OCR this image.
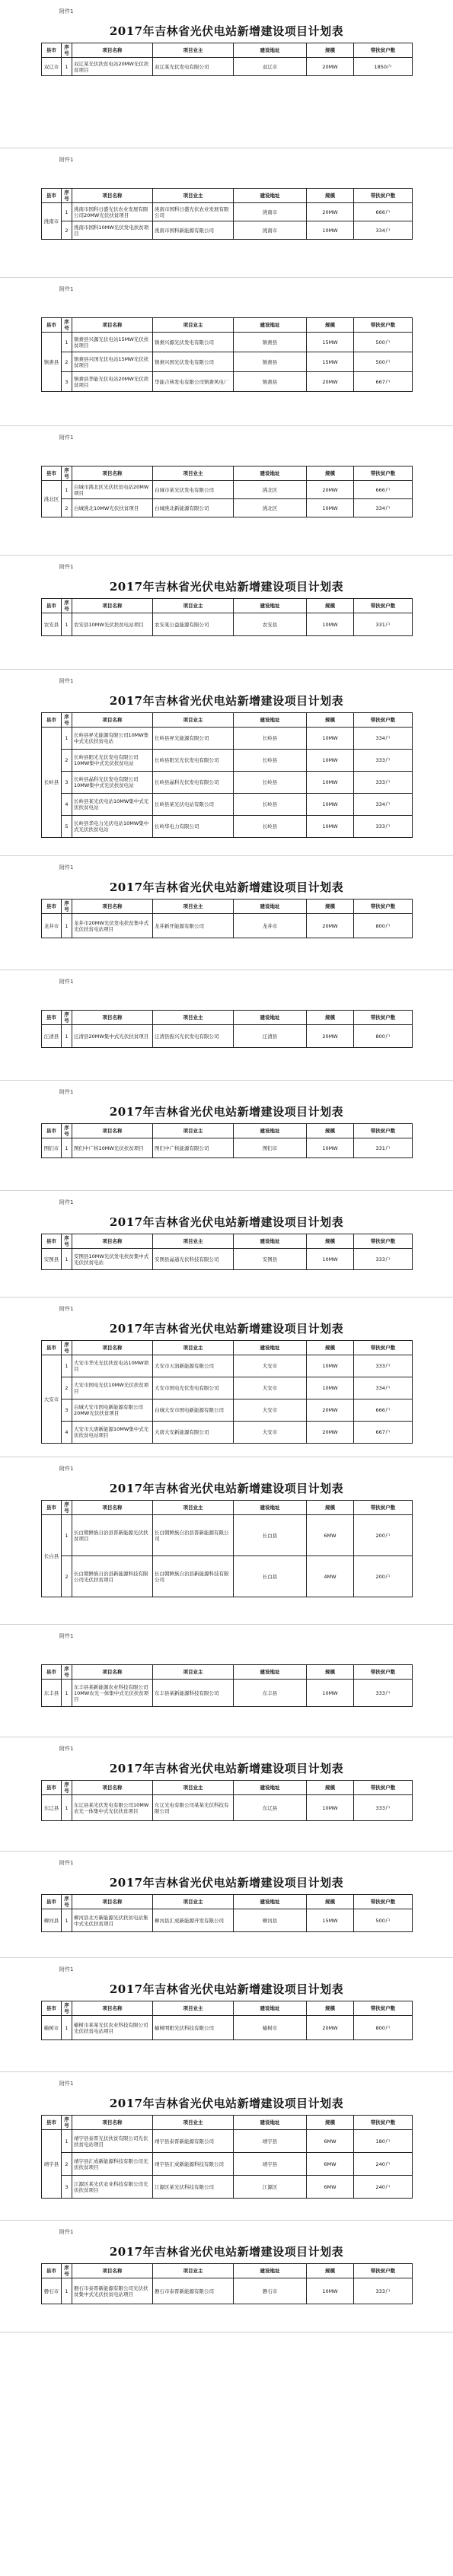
附件1
2017年吉林省光伏电站新增建设项目计划表
县市	序号	项目名称	项目业主	建设地址	规模	带扶贫户数
双辽市	1	双辽某光伏扶贫电站20MW光伏扶贫项目	双辽某光伏发电有限公司	双辽市	20MW	1850户
附件1
县市	序号	项目名称	项目业主	建设地址	规模	带扶贫户数
洮南市	1	洮南市国科日盛光伏农业发展有限公司20MW光伏扶贫项目	洮南市国科日盛光伏农业发展有限公司	洮南市	20MW	666户
	2	洮南市国科10MW光伏发电扶贫项目	洮南市国科新能源有限公司	洮南市	10MW	334户
附件1
县市	序号	项目名称	项目业主	建设地址	规模	带扶贫户数
镇赉县	1	镇赉县兴源光伏电站15MW光伏扶贫项目	镇赉兴源光伏发电有限公司	镇赉县	15MW	500户
	2	镇赉县兴国光伏电站15MW光伏扶贫项目	镇赉兴国光伏发电有限公司	镇赉县	15MW	500户
	3	镇赉县华能光伏电站20MW光伏扶贫项目	华能吉林发电有限公司镇赉风电厂	镇赉县	20MW	667户
附件1
县市	序号	项目名称	项目业主	建设地址	规模	带扶贫户数
洮北区	1	白城市洮北区光伏扶贫电站20MW项目	白城市某光伏发电有限公司	洮北区	20MW	666户
	2	白城洮北10MW光伏扶贫项目	白城洮北新能源有限公司	洮北区	10MW	334户
附件1
2017年吉林省光伏电站新增建设项目计划表
县市	序号	项目名称	项目业主	建设地址	规模	带扶贫户数
农安县	1	农安县10MW光伏扶贫电站项目	农安某公益能源有限公司	农安县	10MW	331户
附件1
2017年吉林省光伏电站新增建设项目计划表
县市	序号	项目名称	项目业主	建设地址	规模	带扶贫户数
长岭县	1	长岭县昇光能源有限公司10MW集中式光伏扶贫电站	长岭县昇光能源有限公司	长岭县	10MW	334户
	2	长岭县阳光光伏发电有限公司10MW集中式光伏扶贫电站	长岭县阳光光伏发电有限公司	长岭县	10MW	333户
	3	长岭县晶科光伏发电有限公司10MW集中式光伏扶贫电站	长岭县晶科光伏发电有限公司	长岭县	10MW	333户
	4	长岭县某光伏电站10MW集中式光伏扶贫电站	长岭县某光伏电站有限公司	长岭县	10MW	334户
	5	长岭县华电力光伏电站10MW集中式光伏扶贫电站	长岭华电力有限公司	长岭县	10MW	333户
附件1
2017年吉林省光伏电站新增建设项目计划表
县市	序号	项目名称	项目业主	建设地址	规模	带扶贫户数
龙井市	1	龙井市20MW光伏发电扶贫集中式光伏扶贫电站项目	龙井新开能源有限公司	龙井市	20MW	800户
附件1
县市	序号	项目名称	项目业主	建设地址	规模	带扶贫户数
汪清县	1	汪清县20MW集中式光伏扶贫项目	汪清县振兴光伏发电有限公司	汪清县	20MW	800户
附件1
2017年吉林省光伏电站新增建设项目计划表
县市	序号	项目名称	项目业主	建设地址	规模	带扶贫户数
图们市	1	图们中广核10MW光伏扶贫项目	图们中广核能源有限公司	图们市	10MW	331户
附件1
2017年吉林省光伏电站新增建设项目计划表
县市	序号	项目名称	项目业主	建设地址	规模	带扶贫户数
安图县	1	安图县10MW光伏发电扶贫集中式光伏扶贫电站	安图县晶通光伏科技有限公司	安图县	10MW	333户
附件1
2017年吉林省光伏电站新增建设项目计划表
县市	序号	项目名称	项目业主	建设地址	规模	带扶贫户数
大安市	1	大安市华光光伏扶贫电站10MW项目	大安市天润新能源有限公司	大安市	10MW	333户
	2	大安市国电光伏10MW光伏扶贫项目	大安市国电光伏发电有限公司	大安市	10MW	334户
	3	白城大安市国电新能源有限公司20MW光伏扶贫项目	白城大安市国电新能源有限公司	大安市	20MW	666户
	4	大安市大唐新能源10MW集中式光伏扶贫电站项目	大唐大安新能源有限公司	大安市	20MW	667户
附件1
2017年吉林省光伏电站新增建设项目计划表
县市	序号	项目名称	项目业主	建设地址	规模	带扶贫户数
长白县	1	长白朝鲜族自治县晋新能源光伏扶贫项目	长白朝鲜族自治县晋新能源有限公司	长白县	6MW	200户
	2	长白朝鲜族自治县新能源科技有限公司光伏扶贫项目	长白朝鲜族自治县新能源科技有限公司	长白县	4MW	200户
附件1
县市	序号	项目名称	项目业主	建设地址	规模	带扶贫户数
东丰县	1	东丰县某新能源农业科技有限公司10MW农光一体集中式光伏扶贫项目	东丰县某新能源科技有限公司	东丰县	10MW	333户
附件1
2017年吉林省光伏电站新增建设项目计划表
县市	序号	项目名称	项目业主	建设地址	规模	带扶贫户数
东辽县	1	东辽县某光伏发电有限公司10MW农光一体集中式光伏扶贫项目	东辽光电有限公司某某光伏科技有限公司	东辽县	10MW	333户
附件1
2017年吉林省光伏电站新增建设项目计划表
县市	序号	项目名称	项目业主	建设地址	规模	带扶贫户数
柳河县	1	柳河县北方新能源光伏扶贫电站集中式光伏扶贫项目	柳河县汇成新能源开发有限公司	柳河县	15MW	500户
附件1
2017年吉林省光伏电站新增建设项目计划表
县市	序号	项目名称	项目业主	建设地址	规模	带扶贫户数
榆树市	1	榆树市某某光伏农业科技有限公司光伏扶贫电站项目	榆树明阳光伏科技有限公司	榆树市	20MW	800户
附件1
2017年吉林省光伏电站新增建设项目计划表
县市	序号	项目名称	项目业主	建设地址	规模	带扶贫户数
靖宇县	1	靖宇县泰晋光伏扶贫有限公司光伏扶贫电站项目	靖宇县泰晋新能源有限公司	靖宇县	6MW	180户
	2	靖宇县汇成新能源科技有限公司光伏扶贫项目	靖宇县汇成新能源科技有限公司	靖宇县	6MW	240户
	3	江源区某光伏农业科技有限公司光伏扶贫项目	江源区某光伏科技有限公司	江源区	6MW	240户
附件1
2017年吉林省光伏电站新增建设项目计划表
县市	序号	项目名称	项目业主	建设地址	规模	带扶贫户数
磐石市	1	磐石市泰晋新能源有限公司光伏扶贫集中式光伏扶贫电站项目	磐石市泰晋新能源有限公司	磐石市	10MW	333户
